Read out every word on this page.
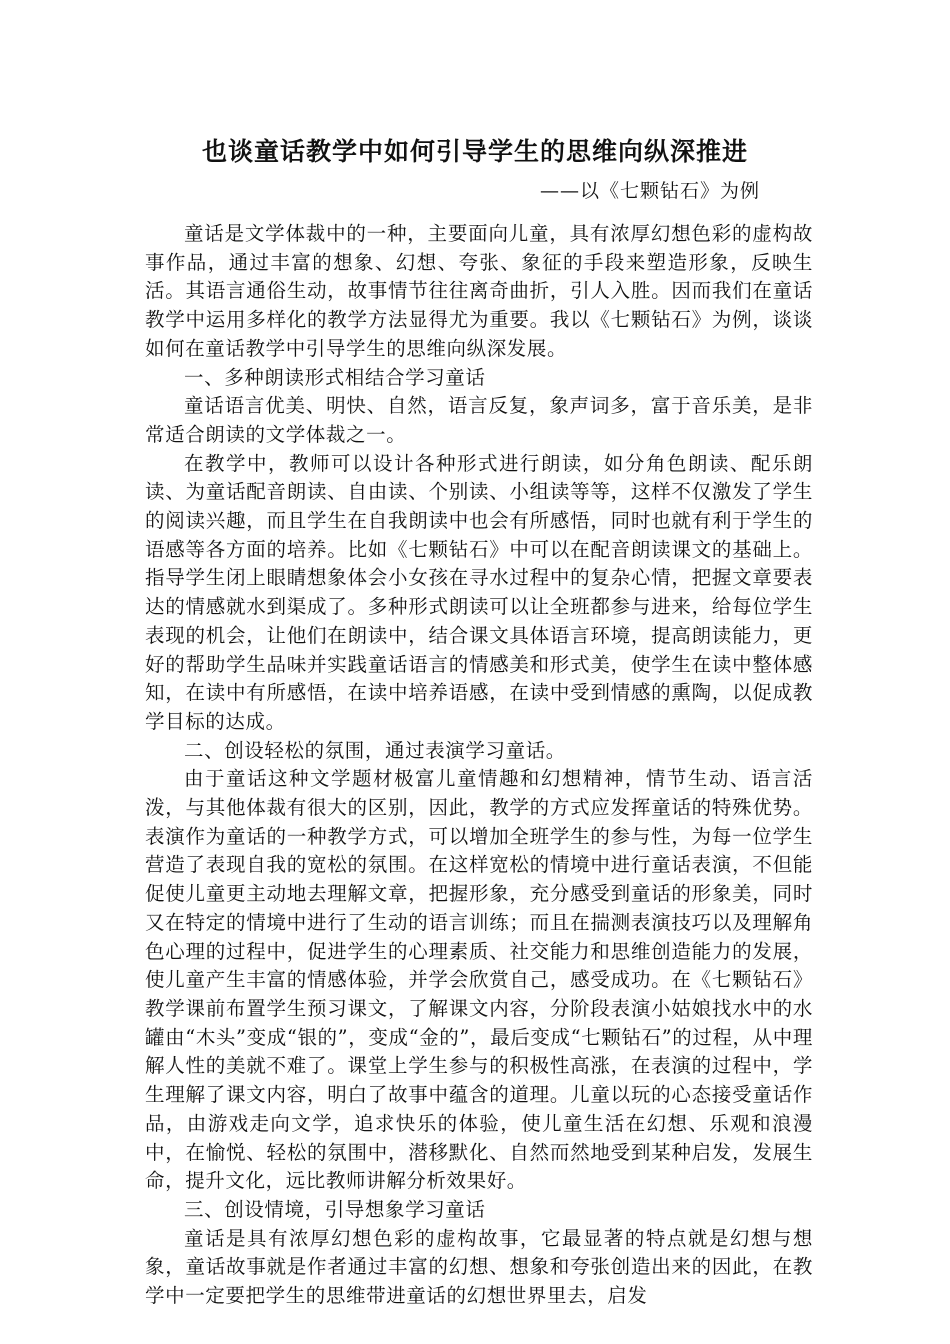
也谈童话教学中如何引导学生的思维向纵深推进
——以《七颗钻石》为例

童话是文学体裁中的一种，主要面向儿童，具有浓厚幻想色彩的虚构故事作品，通过丰富的想象、幻想、夸张、象征的手段来塑造形象，反映生活。其语言通俗生动，故事情节往往离奇曲折，引人入胜。因而我们在童话教学中运用多样化的教学方法显得尤为重要。我以《七颗钻石》为例，谈谈如何在童话教学中引导学生的思维向纵深发展。

一、多种朗读形式相结合学习童话

童话语言优美、明快、自然，语言反复，象声词多，富于音乐美，是非常适合朗读的文学体裁之一。

在教学中，教师可以设计各种形式进行朗读，如分角色朗读、配乐朗读、为童话配音朗读、自由读、个别读、小组读等等，这样不仅激发了学生的阅读兴趣，而且学生在自我朗读中也会有所感悟，同时也就有利于学生的语感等各方面的培养。比如《七颗钻石》中可以在配音朗读课文的基础上。指导学生闭上眼睛想象体会小女孩在寻水过程中的复杂心情，把握文章要表达的情感就水到渠成了。多种形式朗读可以让全班都参与进来，给每位学生表现的机会，让他们在朗读中，结合课文具体语言环境，提高朗读能力，更好的帮助学生品味并实践童话语言的情感美和形式美，使学生在读中整体感知，在读中有所感悟，在读中培养语感，在读中受到情感的熏陶，以促成教学目标的达成。

二、创设轻松的氛围，通过表演学习童话。

由于童话这种文学题材极富儿童情趣和幻想精神，情节生动、语言活泼，与其他体裁有很大的区别，因此，教学的方式应发挥童话的特殊优势。表演作为童话的一种教学方式，可以增加全班学生的参与性，为每一位学生营造了表现自我的宽松的氛围。在这样宽松的情境中进行童话表演，不但能促使儿童更主动地去理解文章，把握形象，充分感受到童话的形象美，同时又在特定的情境中进行了生动的语言训练；而且在揣测表演技巧以及理解角色心理的过程中，促进学生的心理素质、社交能力和思维创造能力的发展，使儿童产生丰富的情感体验，并学会欣赏自己，感受成功。在《七颗钻石》教学课前布置学生预习课文，了解课文内容，分阶段表演小姑娘找水中的水罐由“木头”变成“银的”，变成“金的”，最后变成“七颗钻石”的过程，从中理解人性的美就不难了。课堂上学生参与的积极性高涨，在表演的过程中，学生理解了课文内容，明白了故事中蕴含的道理。儿童以玩的心态接受童话作品，由游戏走向文学，追求快乐的体验，使儿童生活在幻想、乐观和浪漫中，在愉悦、轻松的氛围中，潜移默化、自然而然地受到某种启发，发展生命，提升文化，远比教师讲解分析效果好。

三、创设情境，引导想象学习童话

童话是具有浓厚幻想色彩的虚构故事，它最显著的特点就是幻想与想象，童话故事就是作者通过丰富的幻想、想象和夸张创造出来的因此，在教学中一定要把学生的思维带进童话的幻想世界里去，启发
